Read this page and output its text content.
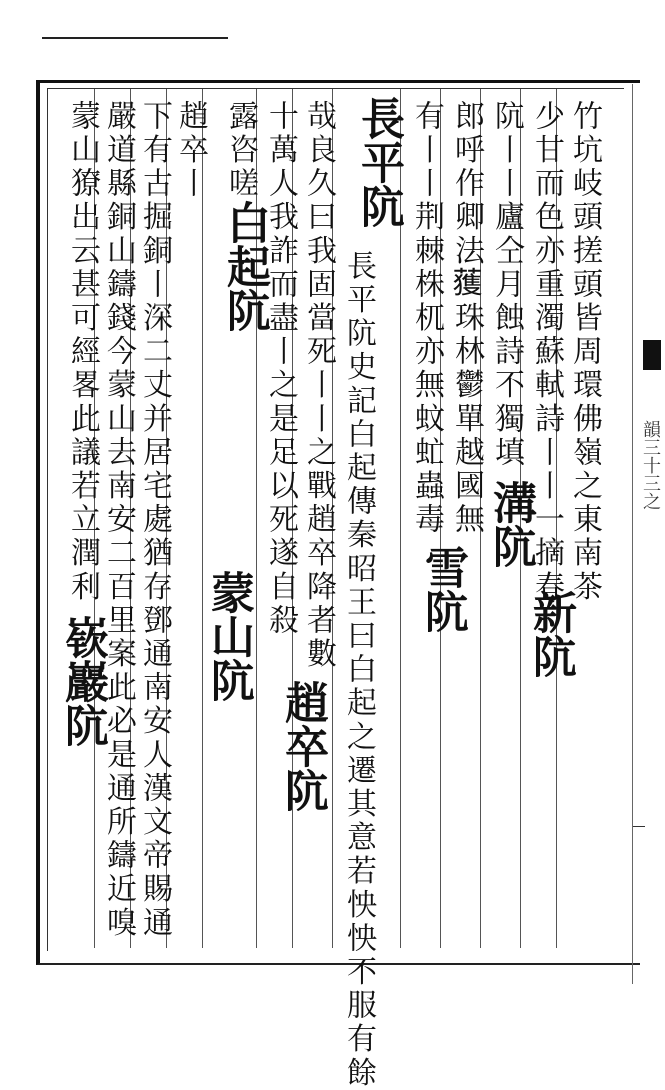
竹坑岐頭搓頭皆周環佛嶺之東南茶
少甘而色亦重濁蘇軾詩丨丨一摘春
阬丨丨廬仝月蝕詩不獨填
郎呼作卿法𫉬珠林鬱單越國無
有丨丨荆棘株杌亦無蚊虻蟲毒
長平阬
長平阬史記白起傳秦昭王曰白起之遷其意若怏怏不服有餘
哉良久曰我固當死丨丨之戰趙卒降者數
十萬人我詐而盡丨之是足以死遂自殺
露咨嗟
白起阬
趙卒丨
下有古掘銅丨深二丈并居宅處猶存鄧通南安人漢文帝賜通
嚴道縣銅山鑄錢今蒙山去南安二百里案此必是通所鑄近嗅
蒙山獠出云甚可經畧此議若立潤利	溝阬
新阬
雪阬
趙卒阬
蒙山阬
嵚巖阬
韻三十三之
